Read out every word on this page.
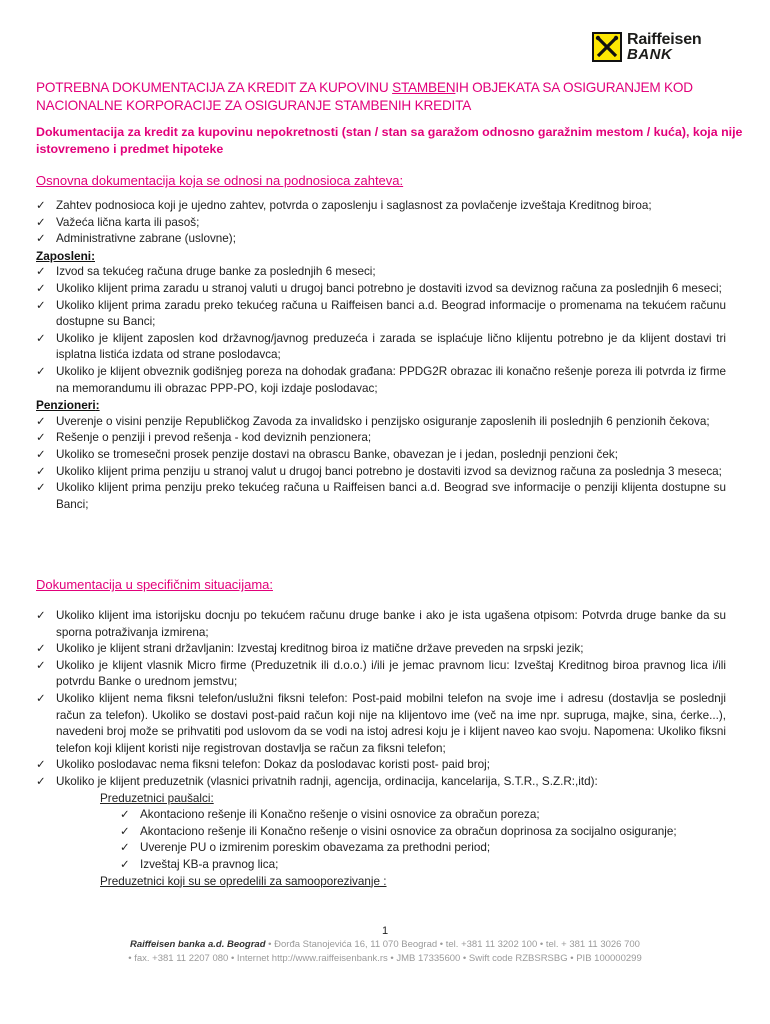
Raiffeisen
BANK
POTREBNA DOKUMENTACIJA ZA KREDIT ZA KUPOVINU STAMBENIH OBJEKATA SA OSIGURANJEM KOD NACIONALNE KORPORACIJE ZA OSIGURANJE STAMBENIH KREDITA
Dokumentacija za kredit za kupovinu nepokretnosti (stan / stan sa garažom odnosno garažnim mestom / kuća), koja nije istovremeno i predmet hipoteke
Osnovna dokumentacija koja se odnosi na podnosioca zahteva:
✓ Zahtev podnosioca koji je ujedno zahtev, potvrda o zaposlenju i saglasnost za povlačenje izveštaja Kreditnog biroa;
✓ Važeća lična karta ili pasoš;
✓ Administrativne zabrane (uslovne);
Zaposleni:
✓ Izvod sa tekućeg računa druge banke za poslednjih 6 meseci;
✓ Ukoliko klijent prima zaradu u stranoj valuti u drugoj banci potrebno je dostaviti izvod sa deviznog računa za poslednjih 6 meseci;
✓ Ukoliko klijent prima zaradu preko tekućeg računa u Raiffeisen banci a.d. Beograd informacije o promenama na tekućem računu dostupne su Banci;
✓ Ukoliko je klijent zaposlen kod državnog/javnog preduzeća i zarada se isplaćuje lično klijentu potrebno je da klijent dostavi tri isplatna listića izdata od strane poslodavca;
✓ Ukoliko je klijent obveznik godišnjeg poreza na dohodak građana: PPDG2R obrazac ili konačno rešenje poreza ili potvrda iz firme na memorandumu ili obrazac PPP-PO, koji izdaje poslodavac;
Penzioneri:
✓ Uverenje o visini penzije Republičkog Zavoda za invalidsko i penzijsko osiguranje zaposlenih ili poslednjih 6 penzionih čekova;
✓ Rešenje o penziji i prevod rešenja - kod deviznih penzionera;
✓ Ukoliko se tromesečni prosek penzije dostavi na obrascu Banke, obavezan je i jedan, poslednji penzioni ček;
✓ Ukoliko klijent prima penziju u stranoj valut u drugoj banci potrebno je dostaviti izvod sa deviznog računa za poslednja 3 meseca;
✓ Ukoliko klijent prima penziju preko tekućeg računa u Raiffeisen banci a.d. Beograd sve informacije o penziji klijenta dostupne su Banci;
Dokumentacija u specifičnim situacijama:
✓ Ukoliko klijent ima istorijsku docnju po tekućem računu druge banke i ako je ista ugašena otpisom: Potvrda druge banke da su sporna potraživanja izmirena;
✓ Ukoliko je klijent strani državljanin: Izvestaj kreditnog biroa iz matične države preveden na srpski jezik;
✓ Ukoliko je klijent vlasnik Micro firme (Preduzetnik ili d.o.o.) i/ili je jemac pravnom licu: Izveštaj Kreditnog biroa pravnog lica i/ili potvrdu Banke o urednom jemstvu;
✓ Ukoliko klijent nema fiksni telefon/uslužni fiksni telefon: Post-paid mobilni telefon na svoje ime i adresu (dostavlja se poslednji račun za telefon). Ukoliko se dostavi post-paid račun koji nije na klijentovo ime (več na ime npr. supruga, majke, sina, ćerke...), navedeni broj može se prihvatiti pod uslovom da se vodi na istoj adresi koju je i klijent naveo kao svoju. Napomena: Ukoliko fiksni telefon koji klijent koristi nije registrovan dostavlja se račun za fiksni telefon;
✓ Ukoliko poslodavac nema fiksni telefon: Dokaz da poslodavac koristi post- paid broj;
✓ Ukoliko je klijent preduzetnik (vlasnici privatnih radnji, agencija, ordinacija, kancelarija, S.T.R., S.Z.R:,itd):
Preduzetnici paušalci:
✓ Akontaciono rešenje ili Konačno rešenje o visini osnovice za obračun poreza;
✓ Akontaciono rešenje ili Konačno rešenje o visini osnovice za obračun doprinosa za socijalno osiguranje;
✓ Uverenje PU o izmirenim poreskim obavezama za prethodni period;
✓ Izveštaj KB-a pravnog lica;
Preduzetnici koji su se opredelili za samooporezivanje :
1
Raiffeisen banka a.d. Beograd • Đorđa Stanojevića 16, 11 070 Beograd • tel. +381 11 3202 100 • tel. + 381 11 3026 700
• fax. +381 11 2207 080 • Internet http://www.raiffeisenbank.rs • JMB 17335600 • Swift code RZBSRSBG • PIB 100000299
